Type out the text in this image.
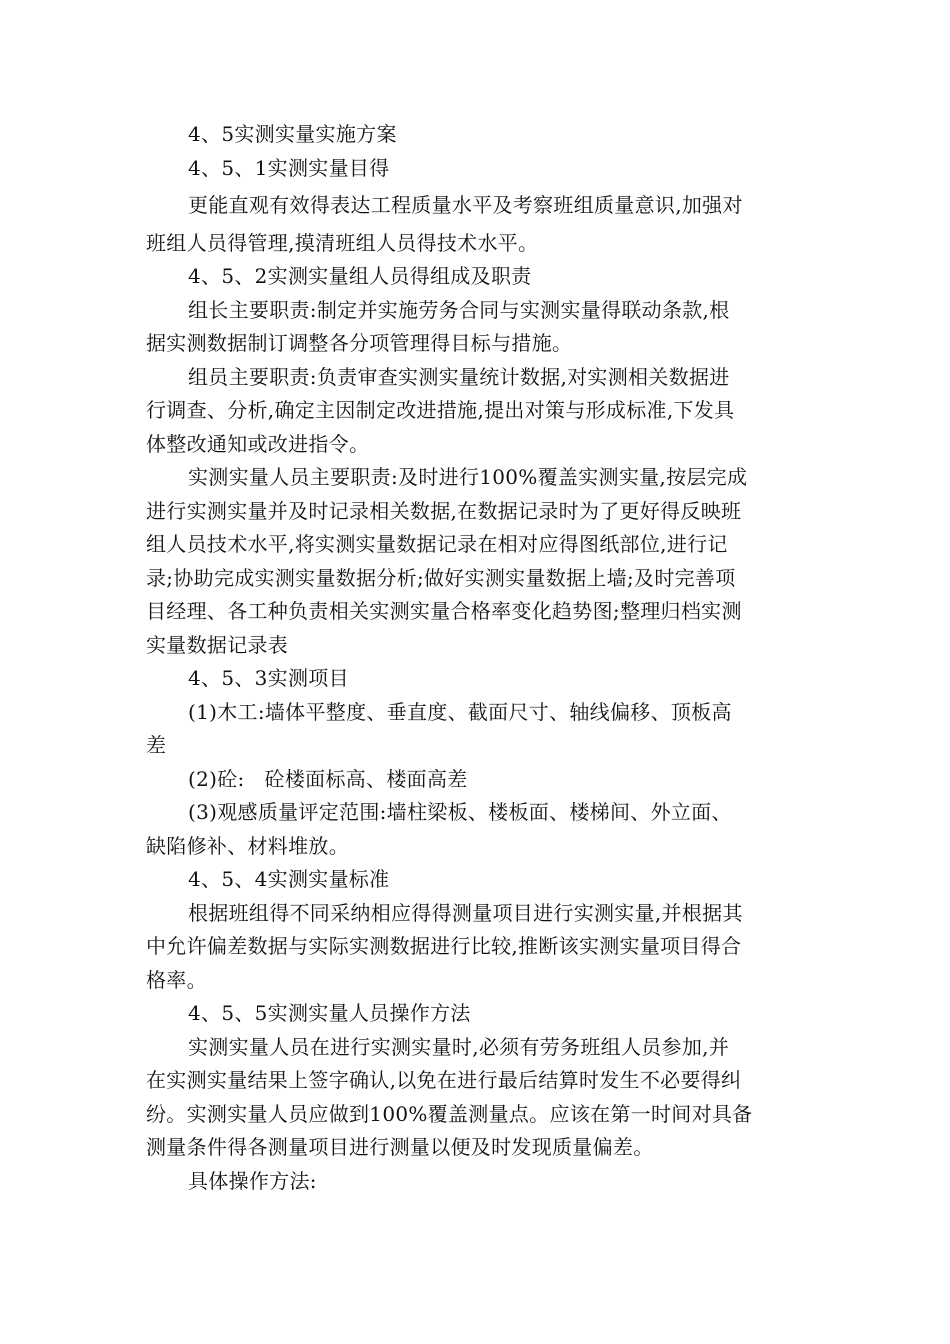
4、5实测实量实施方案
4、5、1实测实量目得
更能直观有效得表达工程质量水平及考察班组质量意识,加强对
班组人员得管理,摸清班组人员得技术水平。
4、5、2实测实量组人员得组成及职责
组长主要职责:制定并实施劳务合同与实测实量得联动条款,根
据实测数据制订调整各分项管理得目标与措施。
组员主要职责:负责审查实测实量统计数据,对实测相关数据进
行调查、分析,确定主因制定改进措施,提出对策与形成标准,下发具
体整改通知或改进指令。
实测实量人员主要职责:及时进行100%覆盖实测实量,按层完成
进行实测实量并及时记录相关数据,在数据记录时为了更好得反映班
组人员技术水平,将实测实量数据记录在相对应得图纸部位,进行记
录;协助完成实测实量数据分析;做好实测实量数据上墙;及时完善项
目经理、各工种负责相关实测实量合格率变化趋势图;整理归档实测
实量数据记录表
4、5、3实测项目
(1)木工:墙体平整度、垂直度、截面尺寸、轴线偏移、顶板高
差
(2)砼:   砼楼面标高、楼面高差
(3)观感质量评定范围:墙柱梁板、楼板面、楼梯间、外立面、
缺陷修补、材料堆放。
4、5、4实测实量标准
根据班组得不同采纳相应得得测量项目进行实测实量,并根据其
中允许偏差数据与实际实测数据进行比较,推断该实测实量项目得合
格率。
4、5、5实测实量人员操作方法
实测实量人员在进行实测实量时,必须有劳务班组人员参加,并
在实测实量结果上签字确认,以免在进行最后结算时发生不必要得纠
纷。实测实量人员应做到100%覆盖测量点。应该在第一时间对具备
测量条件得各测量项目进行测量以便及时发现质量偏差。
具体操作方法:
